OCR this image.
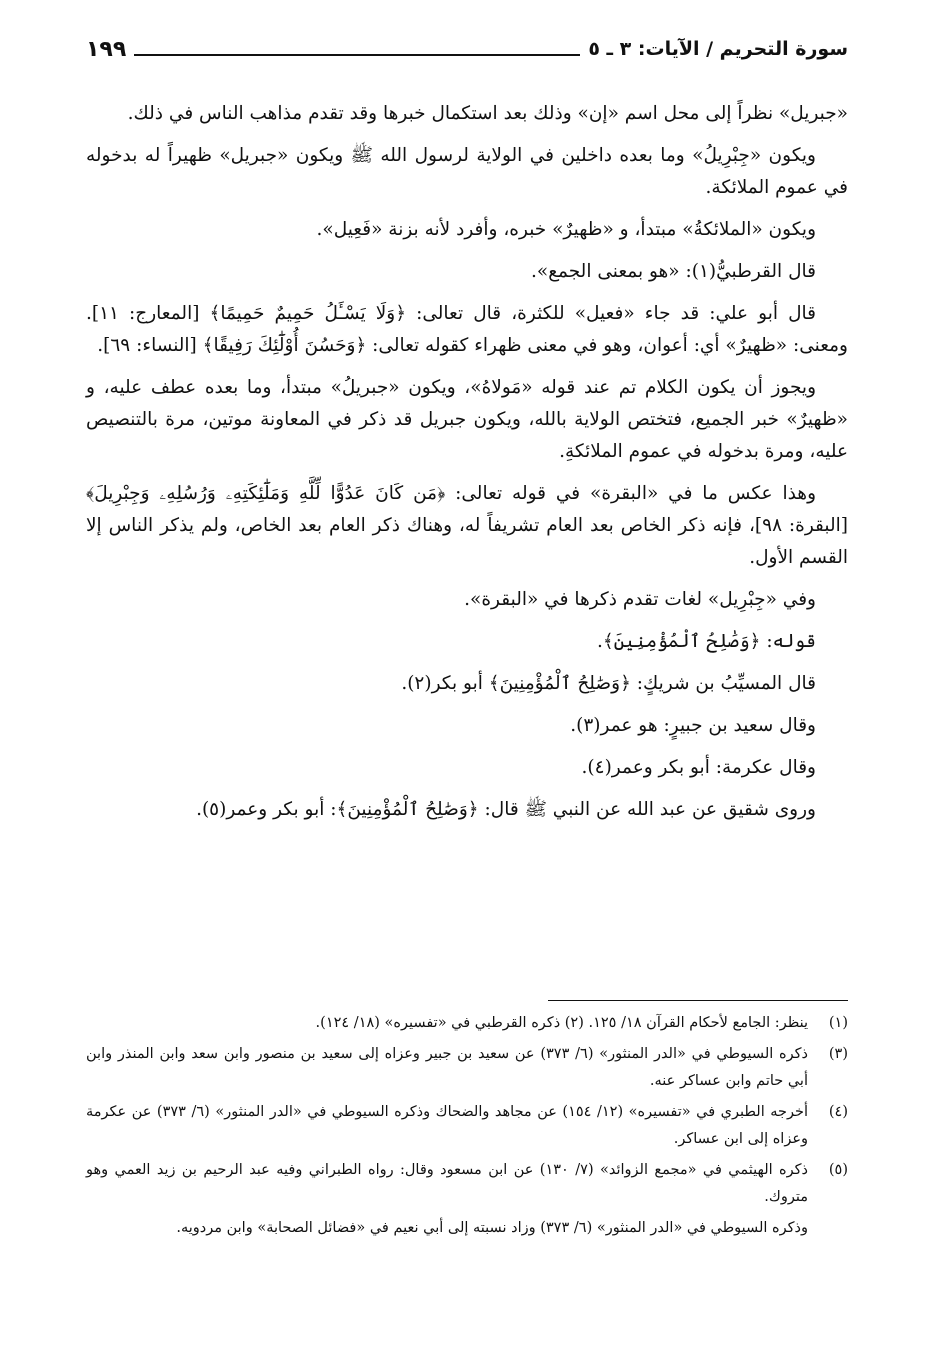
سورة التحريم / الآيات: ٣ ـ ٥
١٩٩

«جبريل» نظراً إلى محل اسم «إن» وذلك بعد استكمال خبرها وقد تقدم مذاهب الناس في ذلك.

ويكون «جِبْرِيلُ» وما بعده داخلين في الولاية لرسول الله ﷺ ويكون «جبريل» ظهيراً له بدخوله في عموم الملائكة.

ويكون «الملائكةُ» مبتدأ، و «ظهيرٌ» خبره، وأفرد لأنه بزنة «فَعِيل».

قال القرطبيُّ(١): «هو بمعنى الجمع».

قال أبو علي: قد جاء «فعيل» للكثرة، قال تعالى: ﴿وَلَا يَسْـَٔلُ حَمِيمٌ حَمِيمًا﴾ [المعارج: ١١]. ومعنى: «ظهيرٌ» أي: أعوان، وهو في معنى ظهراء كقوله تعالى: ﴿وَحَسُنَ أُوْلَٰٓئِكَ رَفِيقًا﴾ [النساء: ٦٩].

ويجوز أن يكون الكلام تم عند قوله «مَولاهُ»، ويكون «جبريلُ» مبتدأ، وما بعده عطف عليه، و «ظهيرٌ» خبر الجميع، فتختص الولاية بالله، ويكون جبريل قد ذكر في المعاونة موتين، مرة بالتنصيص عليه، ومرة بدخوله في عموم الملائكةِ.

وهذا عكس ما في «البقرة» في قوله تعالى: ﴿مَن كَانَ عَدُوًّا لِّلَّهِ وَمَلَٰٓئِكَتِهِۦ وَرُسُلِهِۦ وَجِبْرِيلَ﴾ [البقرة: ٩٨]، فإنه ذكر الخاص بعد العام تشريفاً له، وهناك ذكر العام بعد الخاص، ولم يذكر الناس إلا القسم الأول.

وفي «جِبْرِيل» لغات تقدم ذكرها في «البقرة».

قوله: ﴿وَصَٰلِحُ ٱلْمُؤْمِنِينَ﴾.

قال المسيِّبُ بن شريكٍ: ﴿وَصَٰلِحُ ٱلْمُؤْمِنِينَ﴾ أبو بكر(٢).

وقال سعيد بن جبيرٍ: هو عمر(٣).

وقال عكرمة: أبو بكر وعمر(٤).

وروى شقيق عن عبد الله عن النبي ﷺ قال: ﴿وَصَٰلِحُ ٱلْمُؤْمِنِينَ﴾: أبو بكر وعمر(٥).

(١)
ينظر: الجامع لأحكام القرآن ١٨/ ١٢٥. (٢) ذكره القرطبي في «تفسيره» (١٨/ ١٢٤).
(٣)
ذكره السيوطي في «الدر المنثور» (٦/ ٣٧٣) عن سعيد بن جبير وعزاه إلى سعيد بن منصور وابن سعد وابن المنذر وابن أبي حاتم وابن عساكر عنه.
(٤)
أخرجه الطبري في «تفسيره» (١٢/ ١٥٤) عن مجاهد والضحاك وذكره السيوطي في «الدر المنثور» (٦/ ٣٧٣) عن عكرمة وعزاه إلى ابن عساكر.
(٥)
ذكره الهيثمي في «مجمع الزوائد» (٧/ ١٣٠) عن ابن مسعود وقال: رواه الطبراني وفيه عبد الرحيم بن زيد العمي وهو متروك.
وذكره السيوطي في «الدر المنثور» (٦/ ٣٧٣) وزاد نسبته إلى أبي نعيم في «فضائل الصحابة» وابن مردويه.
